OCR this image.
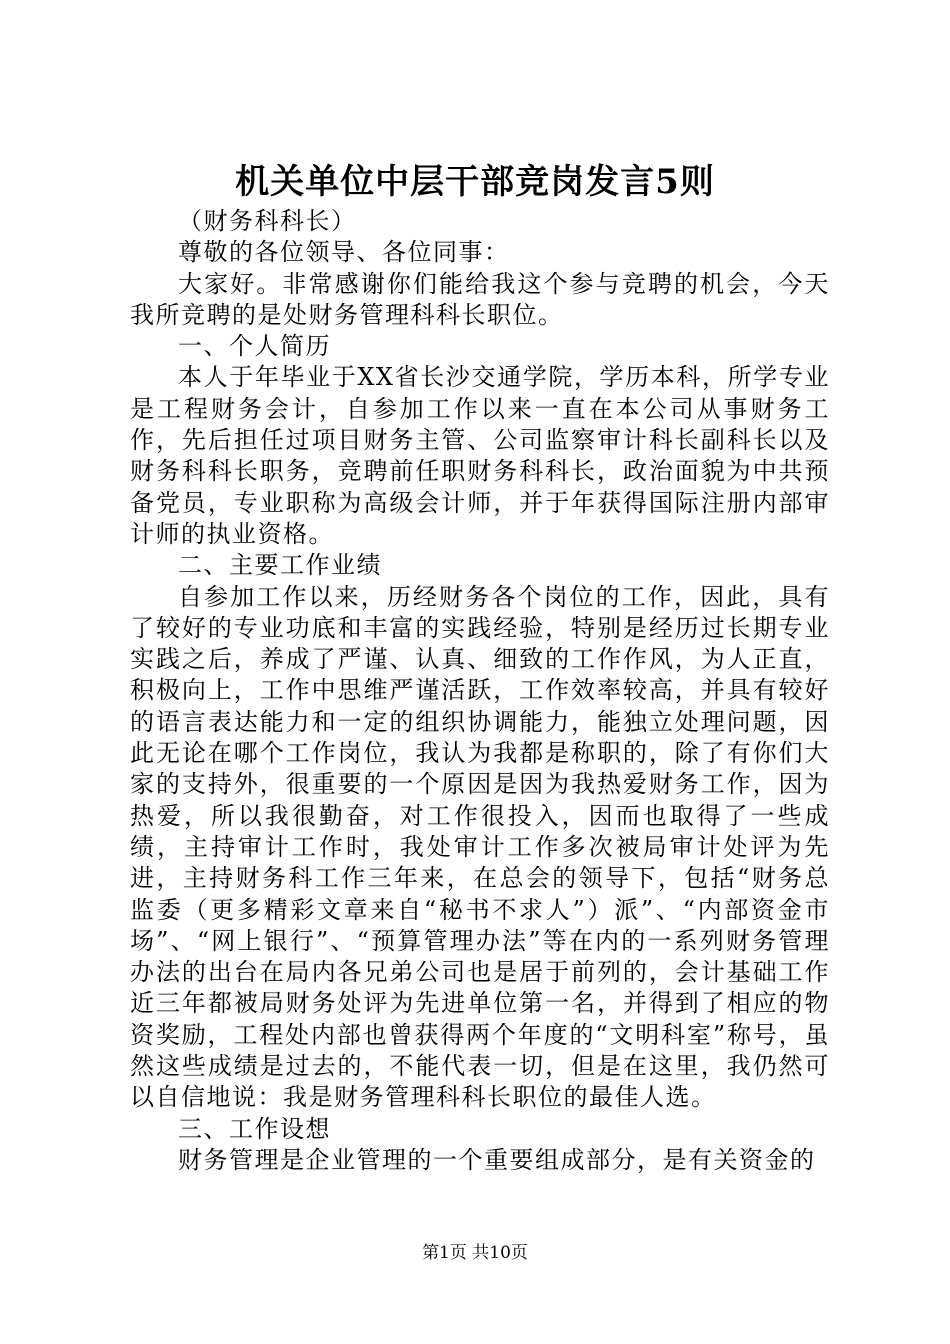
机关单位中层干部竞岗发言5则

（财务科科长）

尊敬的各位领导、各位同事：

大家好。非常感谢你们能给我这个参与竞聘的机会，今天我所竞聘的是处财务管理科科长职位。

一、个人简历

本人于年毕业于XX省长沙交通学院，学历本科，所学专业是工程财务会计，自参加工作以来一直在本公司从事财务工作，先后担任过项目财务主管、公司监察审计科长副科长以及财务科科长职务，竞聘前任职财务科科长，政治面貌为中共预备党员，专业职称为高级会计师，并于年获得国际注册内部审计师的执业资格。

二、主要工作业绩

自参加工作以来，历经财务各个岗位的工作，因此，具有了较好的专业功底和丰富的实践经验，特别是经历过长期专业实践之后，养成了严谨、认真、细致的工作作风，为人正直，积极向上，工作中思维严谨活跃，工作效率较高，并具有较好的语言表达能力和一定的组织协调能力，能独立处理问题，因此无论在哪个工作岗位，我认为我都是称职的，除了有你们大家的支持外，很重要的一个原因是因为我热爱财务工作，因为热爱，所以我很勤奋，对工作很投入，因而也取得了一些成绩，主持审计工作时，我处审计工作多次被局审计处评为先进，主持财务科工作三年来，在总会的领导下，包括“财务总监委（更多精彩文章来自“秘书不求人”）派”、“内部资金市场”、“网上银行”、“预算管理办法”等在内的一系列财务管理办法的出台在局内各兄弟公司也是居于前列的，会计基础工作近三年都被局财务处评为先进单位第一名，并得到了相应的物资奖励，工程处内部也曾获得两个年度的“文明科室”称号，虽然这些成绩是过去的，不能代表一切，但是在这里，我仍然可以自信地说：我是财务管理科科长职位的最佳人选。

三、工作设想

财务管理是企业管理的一个重要组成部分，是有关资金的

第1页 共10页
